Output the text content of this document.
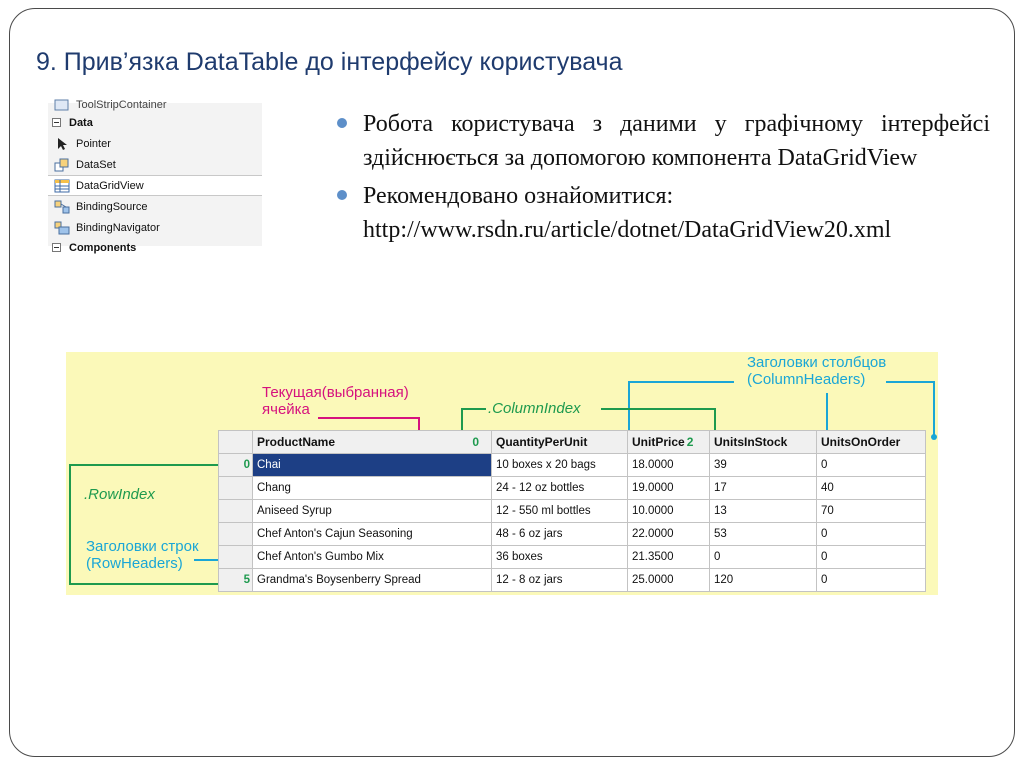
9. Прив’язка DataTable до інтерфейсу користувача
ToolStripContainer
Data
Pointer
DataSet
DataGridView
BindingSource
BindingNavigator
Components

Робота користувача з даними у графічному інтерфейсі здійснюється за допомогою компонента DataGridView

Рекомендовано ознайомитися:

http://www.rsdn.ru/article/dotnet/DataGridView20.xml

Заголовки столбцов
(ColumnHeaders)
Текущая(выбранная)
ячейка	.ColumnIndex
.RowIndex
Заголовки строк
(RowHeaders)
	ProductName 0	QuantityPerUnit	UnitPrice 2	UnitsInStock	UnitsOnOrder
0	Chai	10 boxes x 20 bags	18.0000	39	0
	Chang	24 - 12 oz bottles	19.0000	17	40
	Aniseed Syrup	12 - 550 ml bottles	10.0000	13	70
	Chef Anton's Cajun Seasoning	48 - 6 oz jars	22.0000	53	0
	Chef Anton's Gumbo Mix	36 boxes	21.3500	0	0
5	Grandma's Boysenberry Spread	12 - 8 oz jars	25.0000	120	0
